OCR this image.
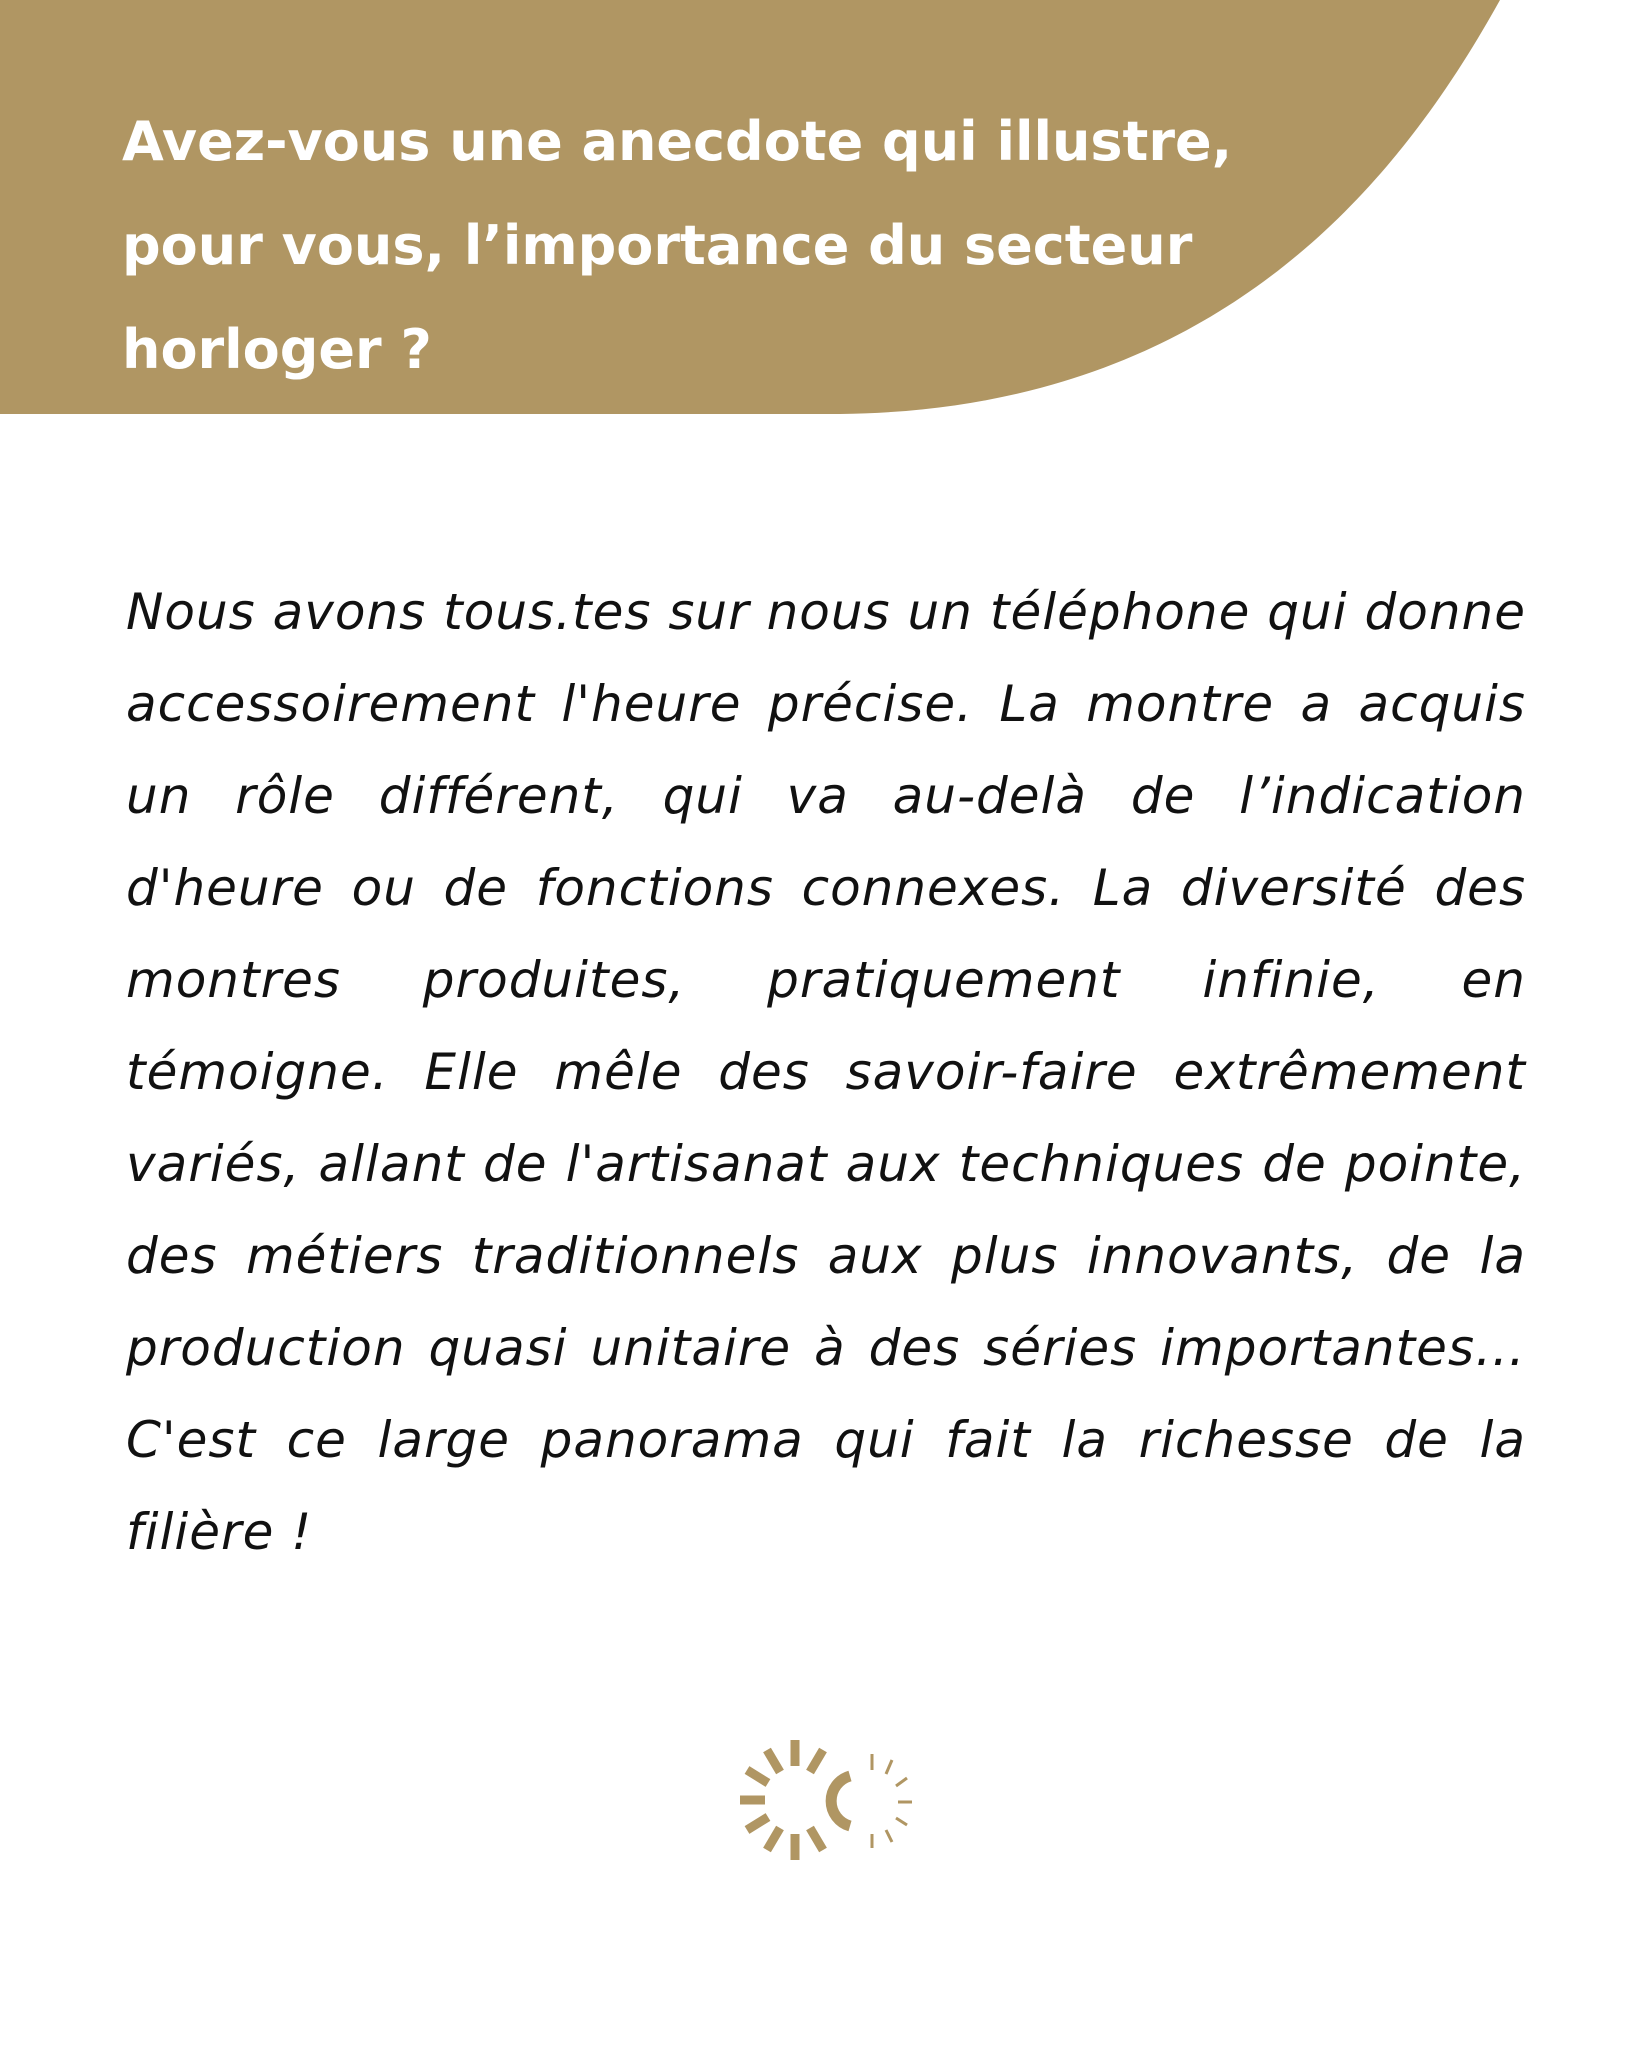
Avez-vous une anecdote qui illustre, pour vous, l’importance du secteur horloger ?

Nous avons tous.tes sur nous un téléphone qui donne accessoirement l'heure précise. La montre a acquis un rôle différent, qui va au-delà de l’indication d'heure ou de fonctions connexes. La diversité des montres produites, pratiquement infinie, en témoigne. Elle mêle des savoir-faire extrêmement variés, allant de l'artisanat aux techniques de pointe, des métiers traditionnels aux plus innovants, de la production quasi unitaire à des séries importantes… C'est ce large panorama qui fait la richesse de la filière !
